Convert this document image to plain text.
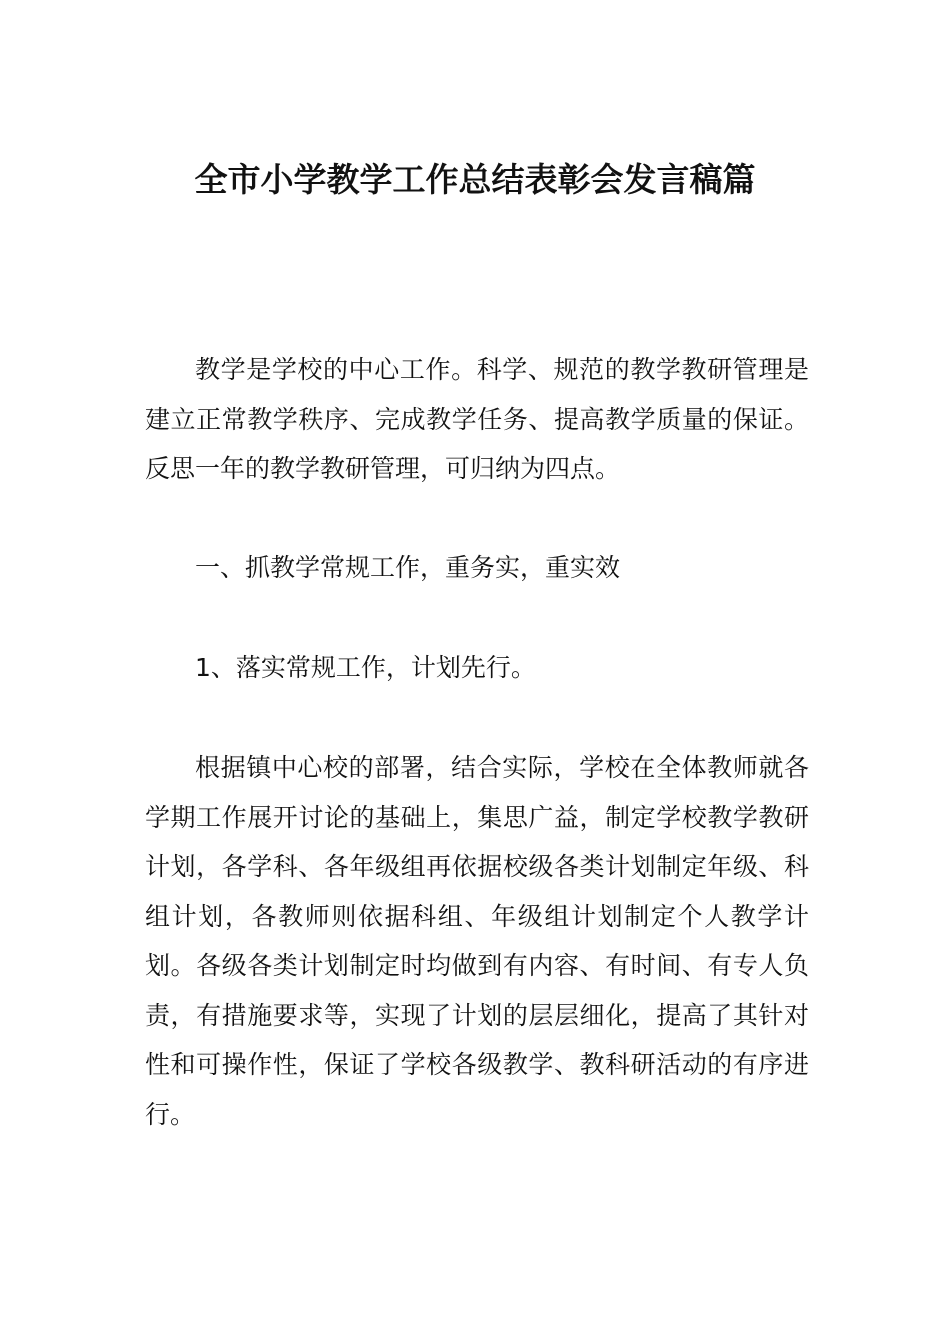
全市小学教学工作总结表彰会发言稿篇

教学是学校的中心工作。科学、规范的教学教研管理是建立正常教学秩序、完成教学任务、提高教学质量的保证。反思一年的教学教研管理，可归纳为四点。

一、抓教学常规工作，重务实，重实效

1、落实常规工作，计划先行。

根据镇中心校的部署，结合实际，学校在全体教师就各学期工作展开讨论的基础上，集思广益，制定学校教学教研计划，各学科、各年级组再依据校级各类计划制定年级、科组计划，各教师则依据科组、年级组计划制定个人教学计划。各级各类计划制定时均做到有内容、有时间、有专人负责，有措施要求等，实现了计划的层层细化，提高了其针对性和可操作性，保证了学校各级教学、教科研活动的有序进行。
